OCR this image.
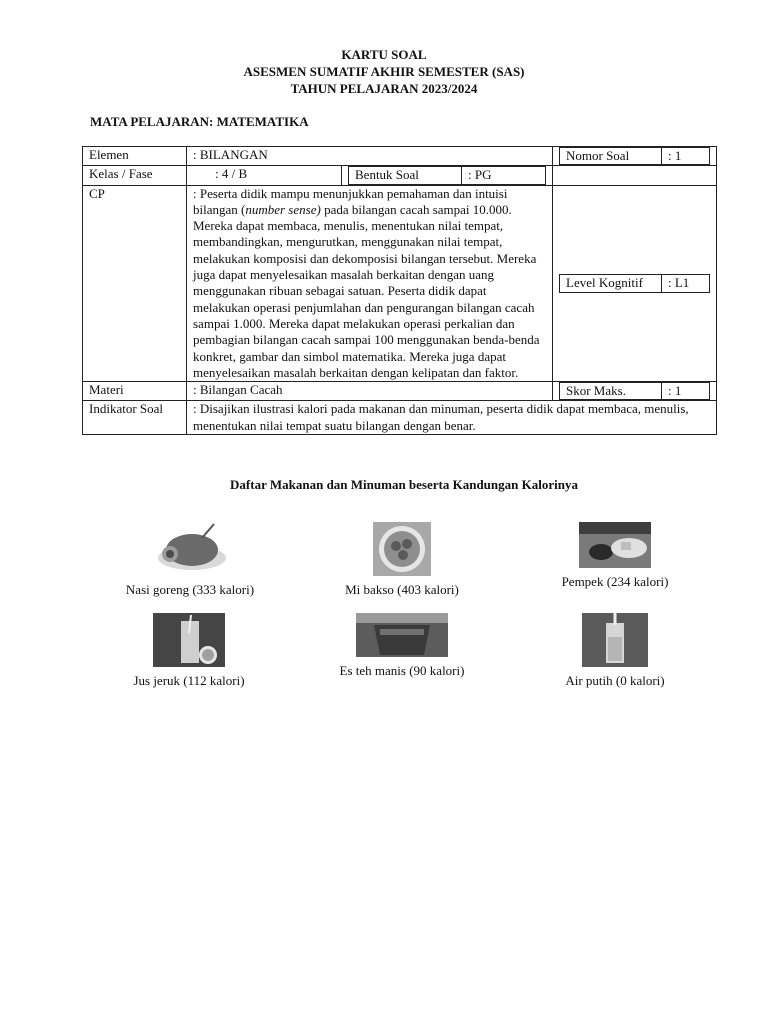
KARTU SOAL
ASESMEN SUMATIF AKHIR SEMESTER (SAS)
TAHUN PELAJARAN 2023/2024
MATA PELAJARAN: MATEMATIKA
Elemen	: BILANGAN		Nomor Soal	: 1

Kelas / Fase	: 4 / B		Bentuk Soal	: PG

CP	: Peserta didik mampu menunjukkan pemahaman dan intuisi bilangan (number sense) pada bilangan cacah sampai 10.000. Mereka dapat membaca, menulis, menentukan nilai tempat, membandingkan, mengurutkan, menggunakan nilai tempat, melakukan komposisi dan dekomposisi bilangan tersebut. Mereka juga dapat menyelesaikan masalah berkaitan dengan uang menggunakan ribuan sebagai satuan. Peserta didik dapat melakukan operasi penjumlahan dan pengurangan bilangan cacah sampai 1.000. Mereka dapat melakukan operasi perkalian dan pembagian bilangan cacah sampai 100 menggunakan benda-benda konkret, gambar dan simbol matematika. Mereka juga dapat menyelesaikan masalah berkaitan dengan kelipatan dan faktor.	
Level Kognitif	: L1

Materi	: Bilangan Cacah		Skor Maks.	: 1

Indikator Soal	: Disajikan ilustrasi kalori pada makanan dan minuman, peserta didik dapat membaca, menulis, menentukan nilai tempat suatu bilangan dengan benar.
Daftar Makanan dan Minuman beserta Kandungan Kalorinya
Nasi goreng (333 kalori)	Mi bakso (403 kalori)
Pempek (234 kalori)
Jus jeruk (112 kalori)
Es teh manis (90 kalori)
Air putih (0 kalori)
